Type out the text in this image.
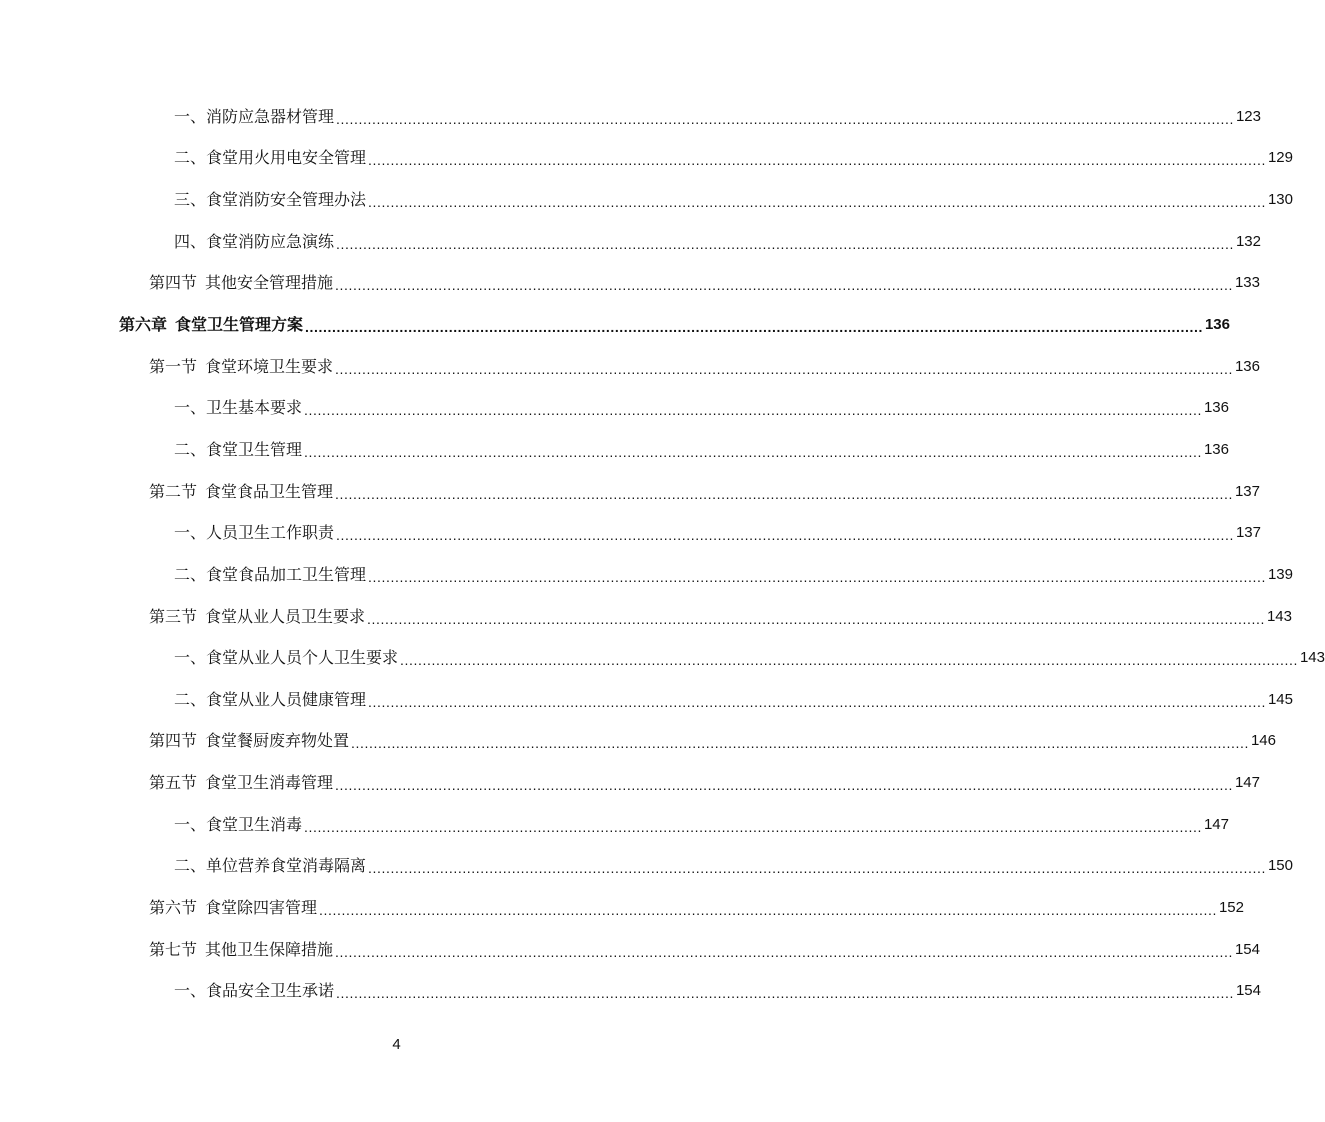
一、 消防应急器材管理 ........................................................................................................................................................................................................ 123
二、 食堂用火用电安全管理 ........................................................................................................................................................................................................ 129
三、 食堂消防安全管理办法 ........................................................................................................................................................................................................ 130
四、 食堂消防应急演练 ........................................................................................................................................................................................................ 132
第四节 其他安全管理措施 ........................................................................................................................................................................................................ 133
第六章 食堂卫生管理方案 ........................................................................................................................................................................................................ 136
第一节 食堂环境卫生要求 ........................................................................................................................................................................................................ 136
一、 卫生基本要求 ........................................................................................................................................................................................................ 136
二、 食堂卫生管理 ........................................................................................................................................................................................................ 136
第二节 食堂食品卫生管理 ........................................................................................................................................................................................................ 137
一、 人员卫生工作职责 ........................................................................................................................................................................................................ 137
二、 食堂食品加工卫生管理 ........................................................................................................................................................................................................ 139
第三节 食堂从业人员卫生要求 ........................................................................................................................................................................................................ 143
一、 食堂从业人员个人卫生要求 ........................................................................................................................................................................................................ 143
二、 食堂从业人员健康管理 ........................................................................................................................................................................................................ 145
第四节 食堂餐厨废弃物处置 ........................................................................................................................................................................................................ 146
第五节 食堂卫生消毒管理 ........................................................................................................................................................................................................ 147
一、 食堂卫生消毒 ........................................................................................................................................................................................................ 147
二、 单位营养食堂消毒隔离 ........................................................................................................................................................................................................ 150
第六节 食堂除四害管理 ........................................................................................................................................................................................................ 152
第七节 其他卫生保障措施 ........................................................................................................................................................................................................ 154
一、 食品安全卫生承诺 ........................................................................................................................................................................................................ 154
4
